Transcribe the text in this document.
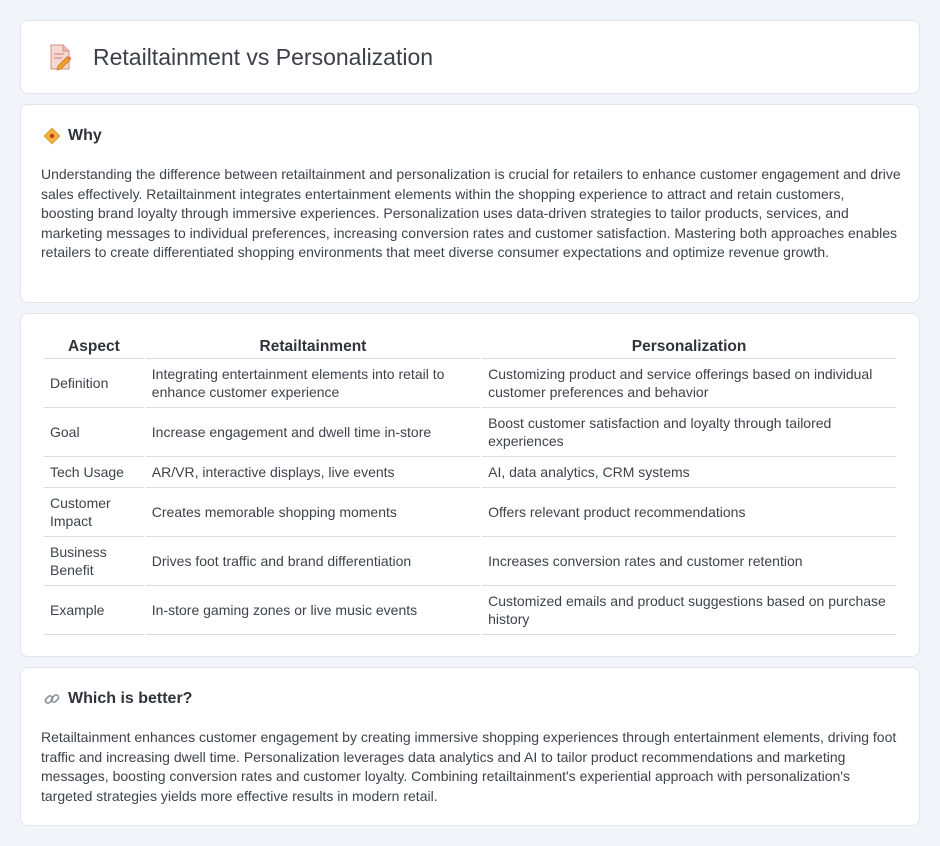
Retailtainment vs Personalization
Why

Understanding the difference between retailtainment and personalization is crucial for retailers to enhance customer engagement and drive sales effectively. Retailtainment integrates entertainment elements within the shopping experience to attract and retain customers, boosting brand loyalty through immersive experiences. Personalization uses data-driven strategies to tailor products, services, and marketing messages to individual preferences, increasing conversion rates and customer satisfaction. Mastering both approaches enables retailers to create differentiated shopping environments that meet diverse consumer expectations and optimize revenue growth.

Aspect	Retailtainment	Personalization
Definition	Integrating entertainment elements into retail to enhance customer experience	Customizing product and service offerings based on individual customer preferences and behavior
Goal	Increase engagement and dwell time in-store	Boost customer satisfaction and loyalty through tailored experiences
Tech Usage	AR/VR, interactive displays, live events	AI, data analytics, CRM systems
Customer Impact	Creates memorable shopping moments	Offers relevant product recommendations
Business Benefit	Drives foot traffic and brand differentiation	Increases conversion rates and customer retention
Example	In-store gaming zones or live music events	Customized emails and product suggestions based on purchase history
Which is better?

Retailtainment enhances customer engagement by creating immersive shopping experiences through entertainment elements, driving foot traffic and increasing dwell time. Personalization leverages data analytics and AI to tailor product recommendations and marketing messages, boosting conversion rates and customer loyalty. Combining retailtainment's experiential approach with personalization's targeted strategies yields more effective results in modern retail.
